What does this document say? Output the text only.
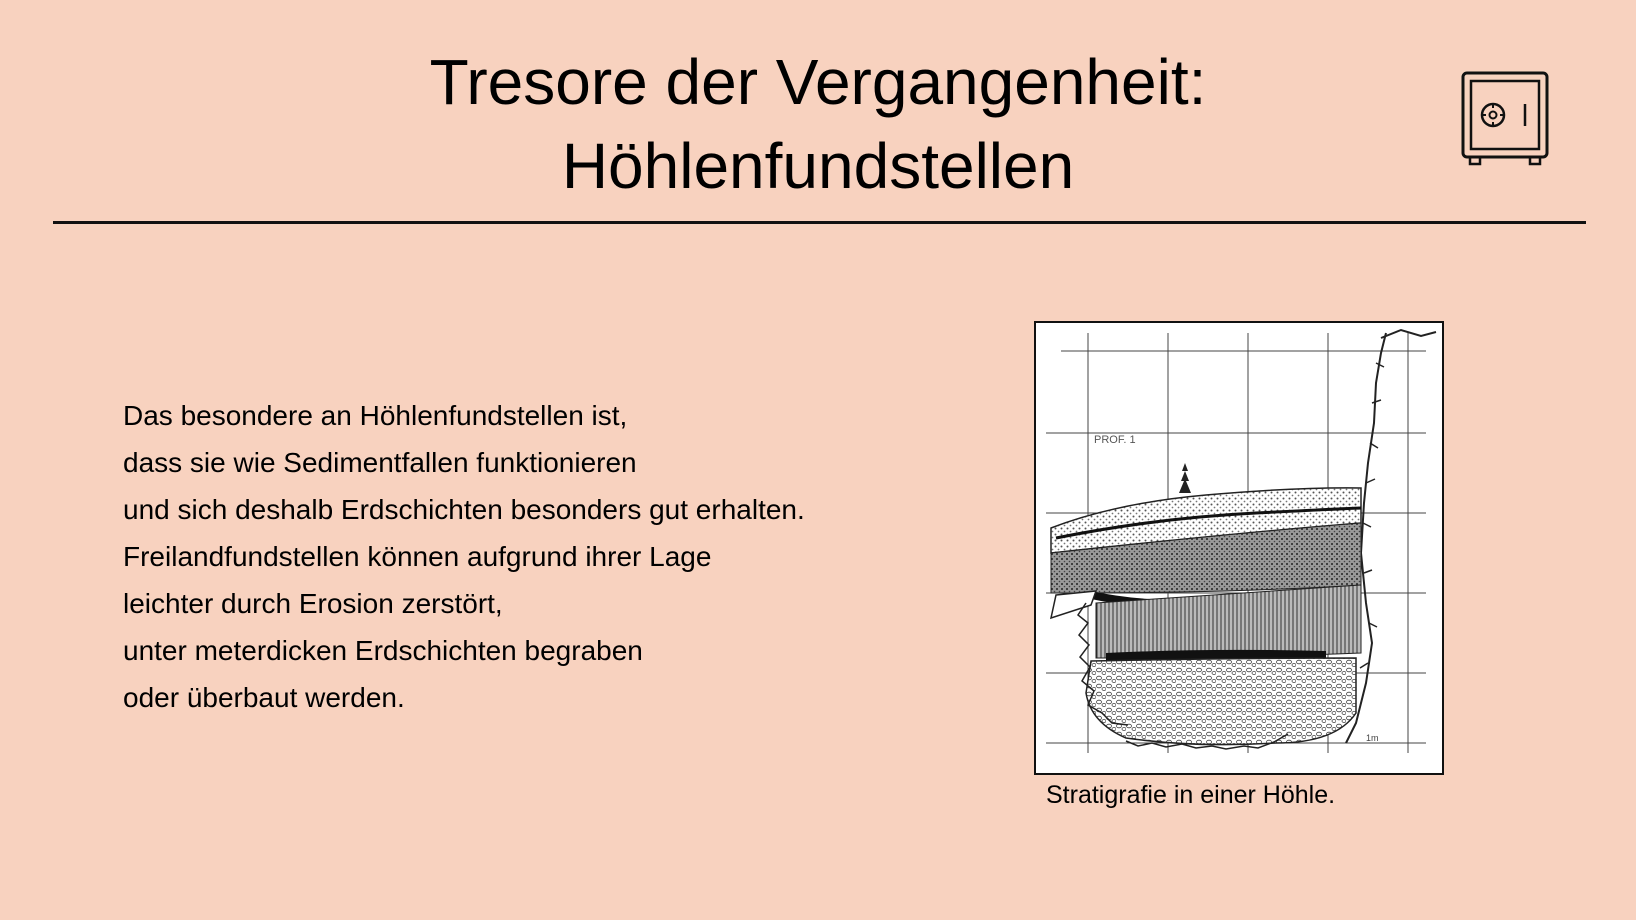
Tresore der Vergangenheit:
Höhlenfundstellen
Das besondere an Höhlenfundstellen ist,
dass sie wie Sedimentfallen funktionieren
und sich deshalb Erdschichten besonders gut erhalten.
Freilandfundstellen können aufgrund ihrer Lage
leichter durch Erosion zerstört,
unter meterdicken Erdschichten begraben
oder überbaut werden.
PROF. 1
1m
Stratigrafie in einer Höhle.
